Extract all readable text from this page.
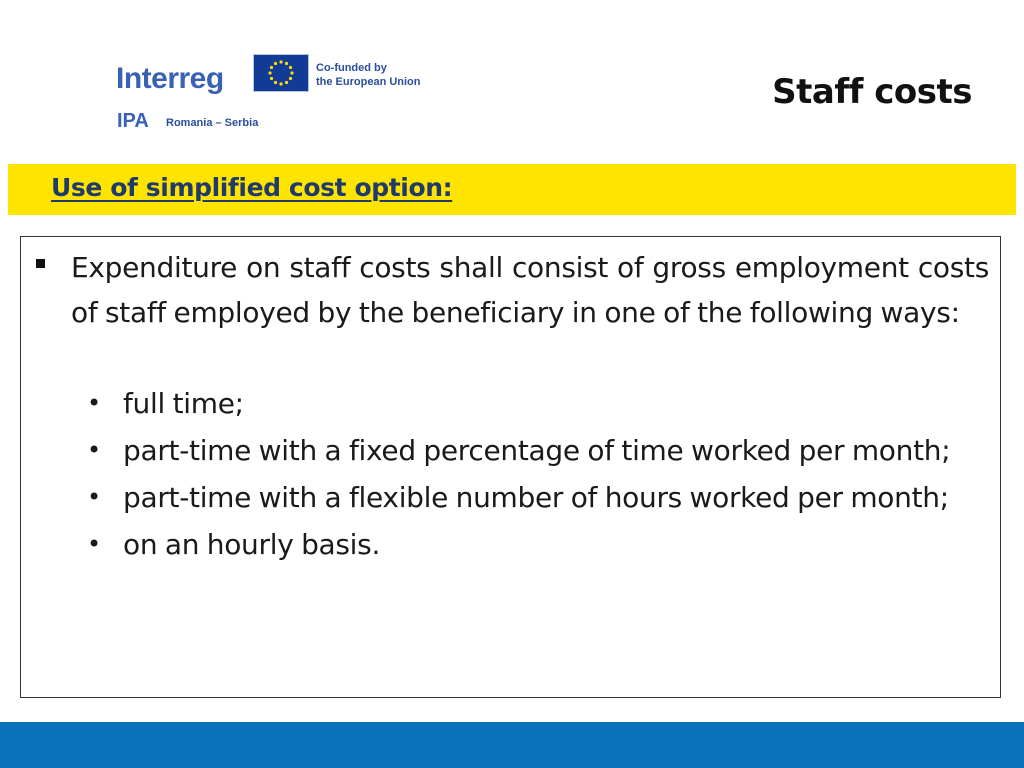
Interreg	Co-funded by
the European Union
IPA Romania – Serbia
Staff costs
Use of simplified cost option:
Expenditure on staff costs shall consist of gross employment costs of staff employed by the beneficiary in one of the following ways:
• full time;
• part-time with a fixed percentage of time worked per month;
• part-time with a flexible number of hours worked per month;
• on an hourly basis.
